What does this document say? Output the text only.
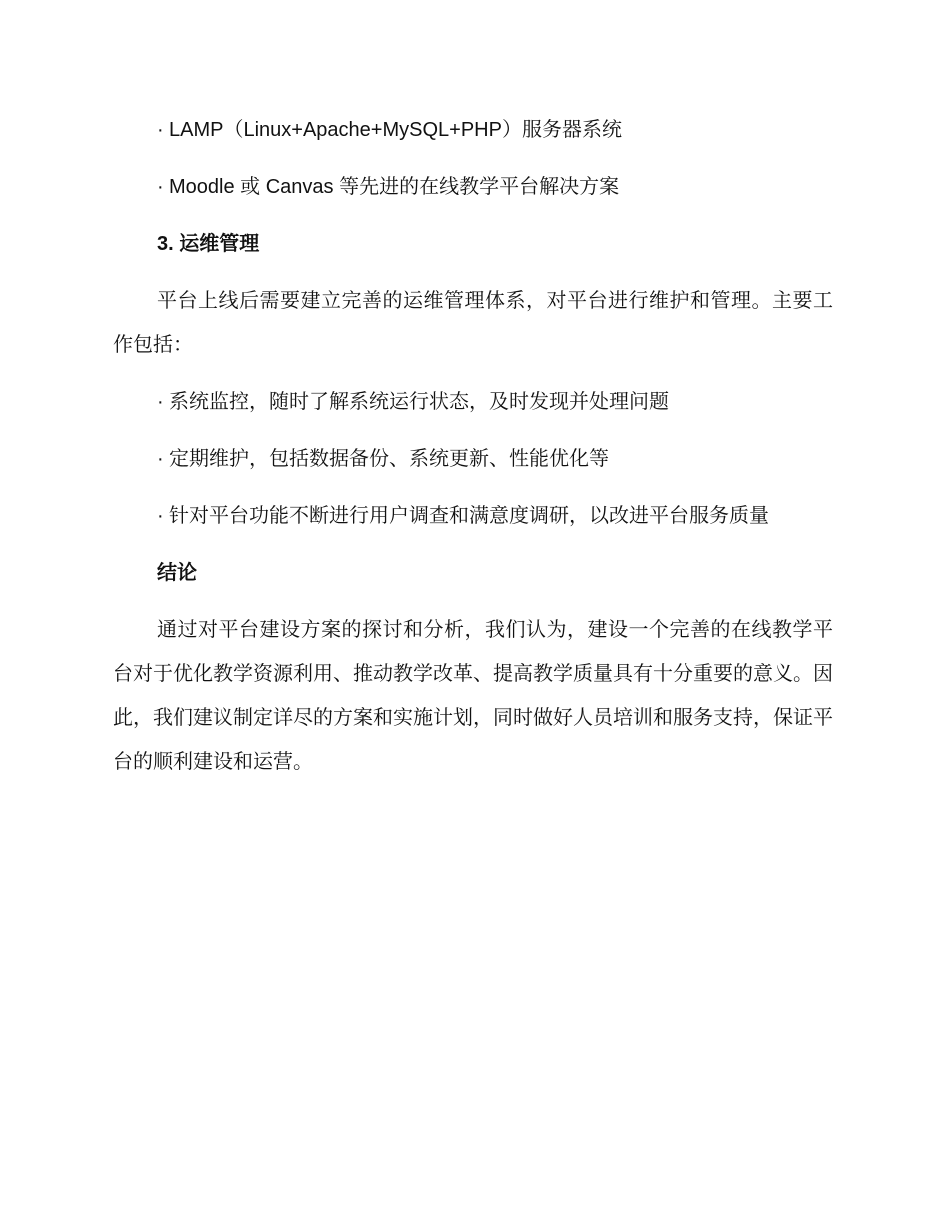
· LAMP（Linux+Apache+MySQL+PHP）服务器系统
· Moodle 或 Canvas 等先进的在线教学平台解决方案
3. 运维管理

平台上线后需要建立完善的运维管理体系，对平台进行维护和管理。主要工作包括：

· 系统监控，随时了解系统运行状态，及时发现并处理问题
· 定期维护，包括数据备份、系统更新、性能优化等
· 针对平台功能不断进行用户调查和满意度调研，以改进平台服务质量
结论

通过对平台建设方案的探讨和分析，我们认为，建设一个完善的在线教学平台对于优化教学资源利用、推动教学改革、提高教学质量具有十分重要的意义。因此，我们建议制定详尽的方案和实施计划，同时做好人员培训和服务支持，保证平台的顺利建设和运营。
